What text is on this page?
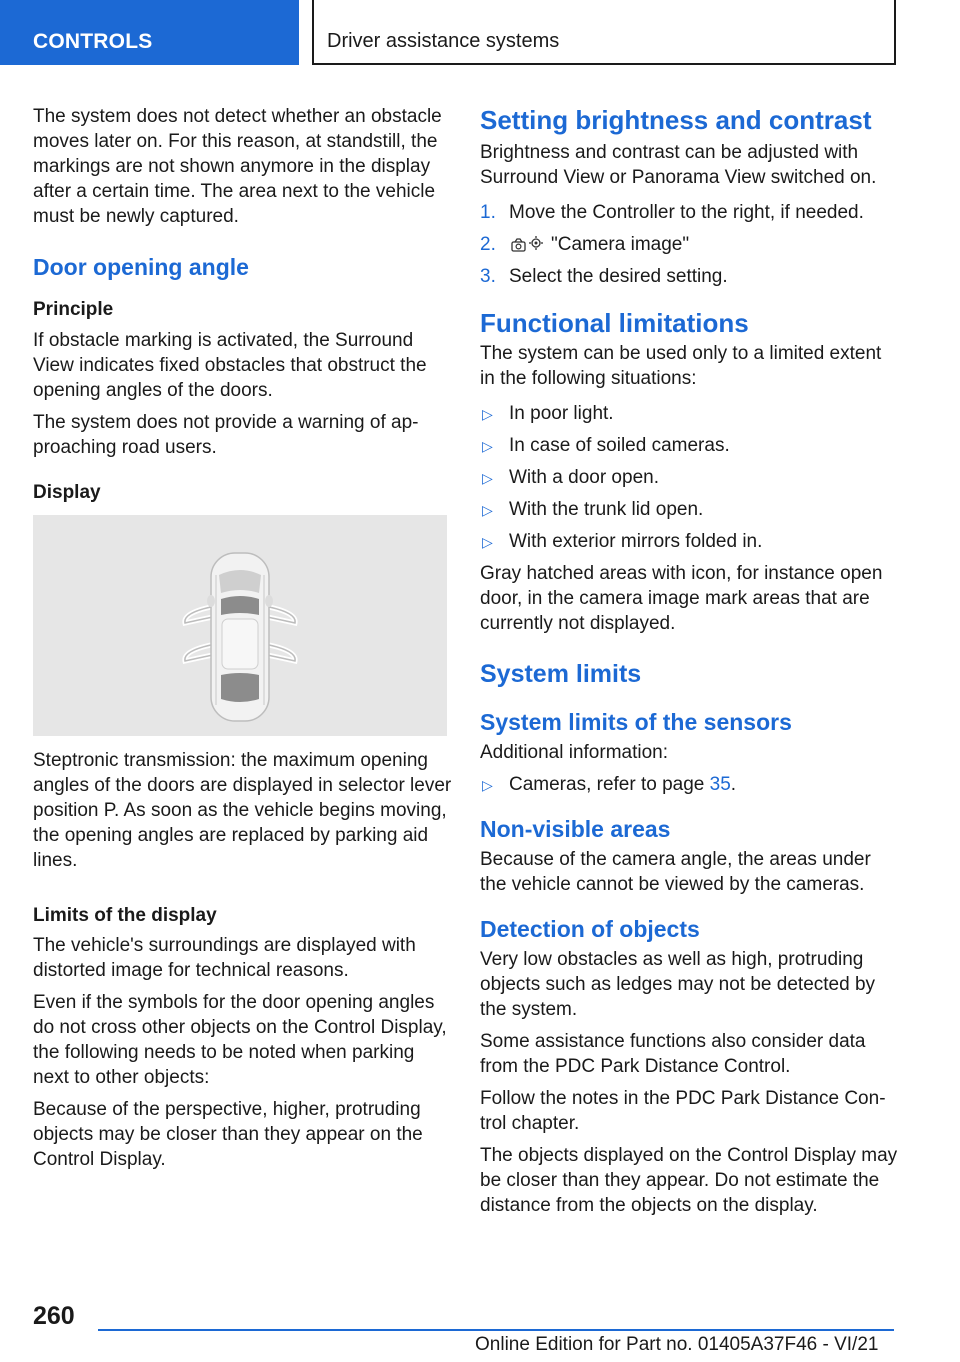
CONTROLS	Driver assistance systems

The system does not detect whether an obstacle moves later on. For this reason, at standstill, the markings are not shown anymore in the display after a certain time. The area next to the vehicle must be newly captured.

Door opening angle
Principle

If obstacle marking is activated, the Surround View indicates fixed obstacles that obstruct the opening angles of the doors.

The system does not provide a warning of approaching road users.

Display

Steptronic transmission: the maximum opening angles of the doors are displayed in selector lever position P. As soon as the vehicle begins moving, the opening angles are replaced by parking aid lines.

Limits of the display

The vehicle's surroundings are displayed with distorted image for technical reasons.

Even if the symbols for the door opening angles do not cross other objects on the Control Display, the following needs to be noted when parking next to other objects:

Because of the perspective, higher, protruding objects may be closer than they appear on the Control Display.

Setting brightness and contrast

Brightness and contrast can be adjusted with Surround View or Panorama View switched on.

1. Move the Controller to the right, if needed.
2.	"Camera image"
3. Select the desired setting.
Functional limitations

The system can be used only to a limited extent in the following situations:

▷ In poor light.
▷ In case of soiled cameras.
▷ With a door open.
▷ With the trunk lid open.
▷ With exterior mirrors folded in.

Gray hatched areas with icon, for instance open door, in the camera image mark areas that are currently not displayed.

System limits
System limits of the sensors

Additional information:

▷ Cameras, refer to page 35.
Non-visible areas

Because of the camera angle, the areas under the vehicle cannot be viewed by the cameras.

Detection of objects

Very low obstacles as well as high, protruding objects such as ledges may not be detected by the system.

Some assistance functions also consider data from the PDC Park Distance Control.

Follow the notes in the PDC Park Distance Control chapter.

The objects displayed on the Control Display may be closer than they appear. Do not estimate the distance from the objects on the display.

260
Online Edition for Part no. 01405A37F46 - VI/21
